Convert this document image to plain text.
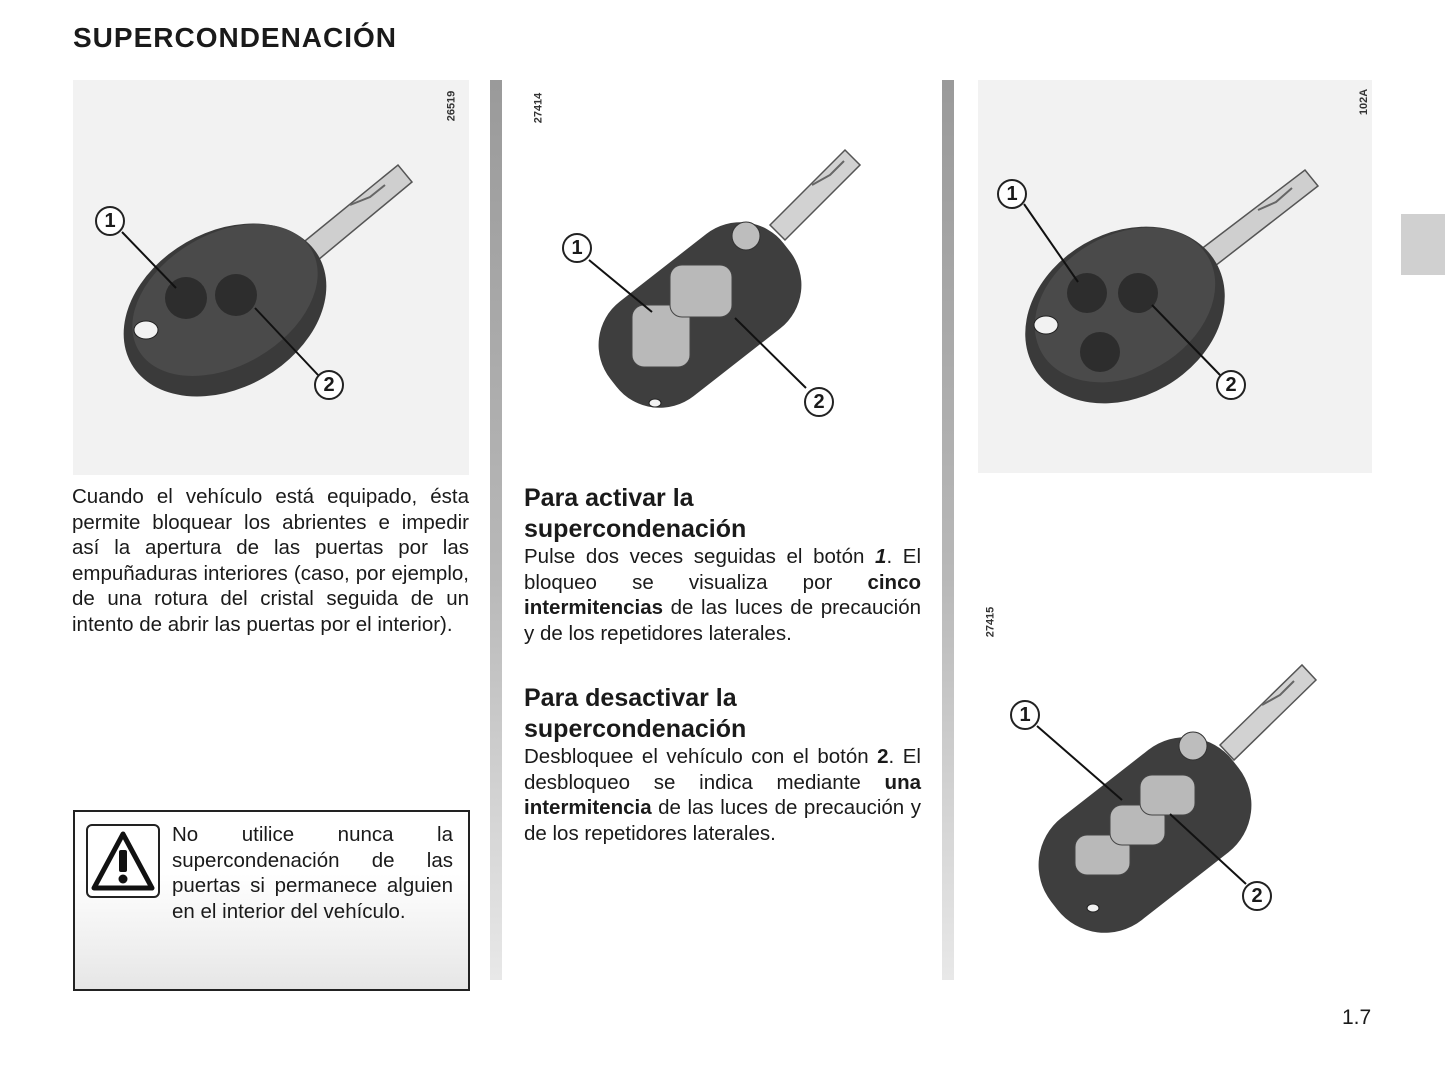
SUPERCONDENACIÓN
26519
1
2
27414
1
2
102A
1
2
27415
1
2
Cuando el vehículo está equipado, ésta permite bloquear los abrientes e impedir así la apertura de las puertas por las empuñaduras interiores (caso, por ejemplo, de una rotura del cristal seguida de un intento de abrir las puertas por el interior).
No utilice nunca la supercondenación de las puertas si permanece alguien en el interior del vehículo.
Para activar la
supercondenación
Pulse dos veces seguidas el botón 1. El bloqueo se visualiza por cinco intermitencias de las luces de precaución y de los repetidores laterales.
Para desactivar la
supercondenación
Desbloquee el vehículo con el botón 2. El desbloqueo se indica mediante una intermitencia de las luces de precaución y de los repetidores laterales.
1.7
